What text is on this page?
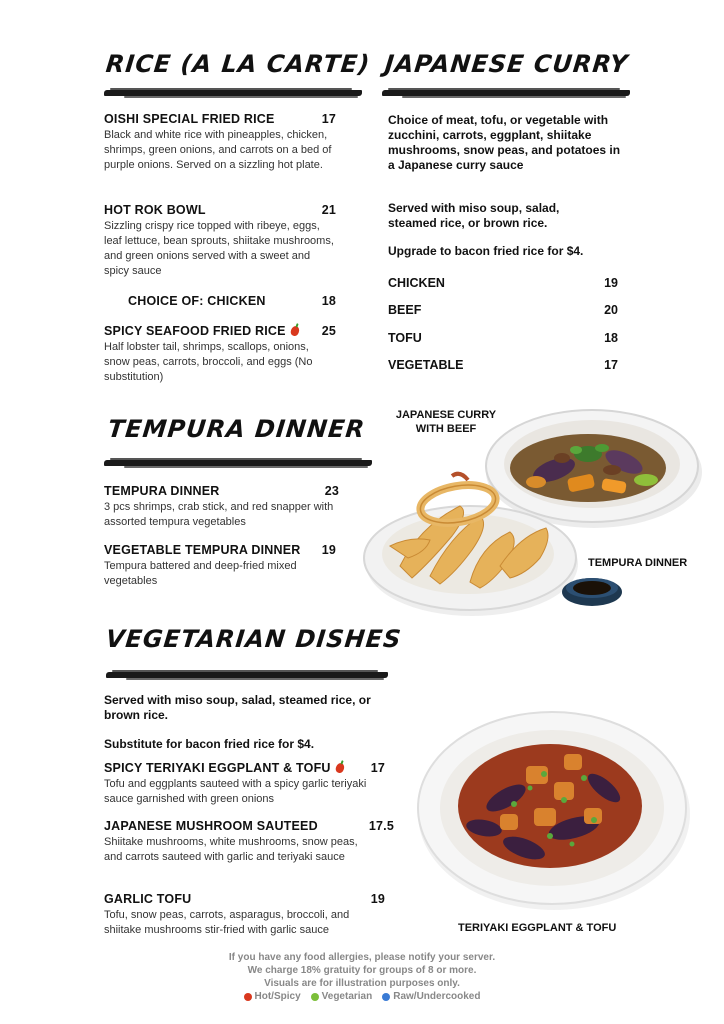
RICE (A LA CARTE)
OISHI SPECIAL FRIED RICE	17
Black and white rice with pineapples, chicken, shrimps, green onions, and carrots on a bed of purple onions. Served on a sizzling hot plate.
HOT ROK BOWL	21
Sizzling crispy rice topped with ribeye, eggs, leaf lettuce, bean sprouts, shiitake mushrooms, and green onions served with a sweet and spicy sauce
CHOICE OF: CHICKEN	18
SPICY SEAFOOD FRIED RICE	25
Half lobster tail, shrimps, scallops, onions, snow peas, carrots, broccoli, and eggs (No substitution)
JAPANESE CURRY
Choice of meat, tofu, or vegetable with zucchini, carrots, eggplant, shiitake mushrooms, snow peas, and potatoes in a Japanese curry sauce
Served with miso soup, salad, steamed rice, or brown rice.
Upgrade to bacon fried rice for $4.
CHICKEN	19
BEEF	20
TOFU	18
VEGETABLE	17
JAPANESE CURRY
WITH BEEF
TEMPURA DINNER
TEMPURA DINNER	23
3 pcs shrimps, crab stick, and red snapper with assorted tempura vegetables
VEGETABLE TEMPURA DINNER 19
Tempura battered and deep-fried mixed vegetables
TEMPURA DINNER
VEGETARIAN DISHES
Served with miso soup, salad, steamed rice, or brown rice.
Substitute for bacon fried rice for $4.
SPICY TERIYAKI EGGPLANT & TOFU	17
Tofu and eggplants sauteed with a spicy garlic teriyaki sauce garnished with green onions
JAPANESE MUSHROOM SAUTEED	17.5
Shiitake mushrooms, white mushrooms, snow peas, and carrots sauteed with garlic and teriyaki sauce
GARLIC TOFU	19
Tofu, snow peas, carrots, asparagus, broccoli, and shiitake mushrooms stir-fried with garlic sauce	TERIYAKI EGGPLANT & TOFU
If you have any food allergies, please notify your server.
We charge 18% gratuity for groups of 8 or more.
Visuals are for illustration purposes only.
Hot/Spicy Vegetarian Raw/Undercooked
